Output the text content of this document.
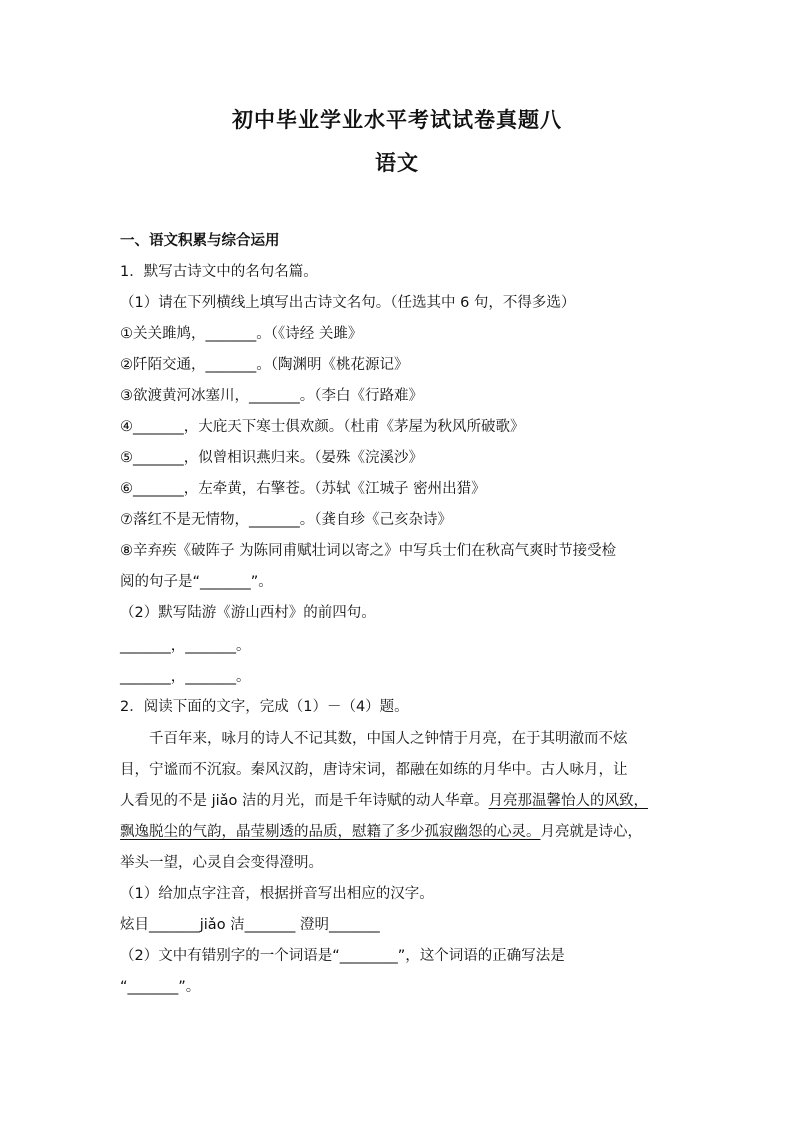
初中毕业学业水平考试试卷真题八
语文
一、语文积累与综合运用
1．默写古诗文中的名句名篇。
（1）请在下列横线上填写出古诗文名句。（任选其中 6 句，不得多选）
①关关雎鸠，_______。（《诗经 关雎》
②阡陌交通，_______。（陶渊明《桃花源记》
③欲渡黄河冰塞川，_______。（李白《行路难》
④_______，大庇天下寒士俱欢颜。（杜甫《茅屋为秋风所破歌》
⑤_______，似曾相识燕归来。（晏殊《浣溪沙》
⑥_______，左牵黄，右擎苍。（苏轼《江城子 密州出猎》
⑦落红不是无情物，_______。（龚自珍《己亥杂诗》
⑧辛弃疾《破阵子 为陈同甫赋壮词以寄之》中写兵士们在秋高气爽时节接受检
阅的句子是“_______”。
（2）默写陆游《游山西村》的前四句。
_______，_______。
_______，_______。
2．阅读下面的文字，完成（1）－（4）题。
千百年来，咏月的诗人不记其数，中国人之钟情于月亮，在于其明澈而不炫
目，宁谧而不沉寂。秦风汉韵，唐诗宋词，都融在如练的月华中。古人咏月，让
人看见的不是 jiǎo 洁的月光，而是千年诗赋的动人华章。月亮那温馨怡人的风致，
飘逸脱尘的气韵，晶莹剔透的品质，慰籍了多少孤寂幽怨的心灵。月亮就是诗心，
举头一望，心灵自会变得澄明。
（1）给加点字注音，根据拼音写出相应的汉字。
炫目_______jiǎo 洁_______ 澄明_______
（2）文中有错别字的一个词语是“________”，这个词语的正确写法是
“_______”。
